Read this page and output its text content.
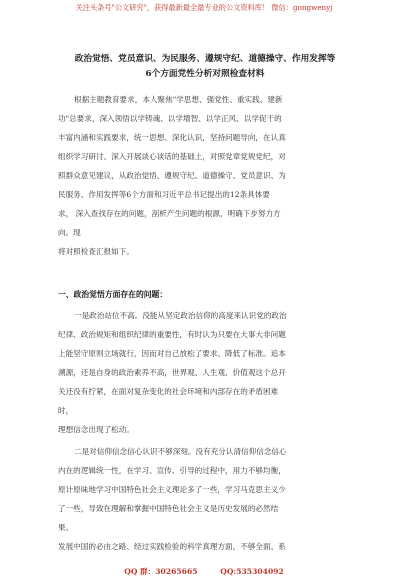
关注头条号"公文研究"，获得最新最全最专业的公文资料库！ 微信：gongwenyj
政治觉悟、党员意识、为民服务、遵规守纪、道德操守、作用发挥等
6个方面党性分析对照检查材料
根据主题教育要求，本人聚焦"学思想、强党性、重实践、建新
功"总要求，深入领悟以学铸魂、以学增智、以学正风、以学促干的
丰富内涵和实践要求，统一思想、深化认识，坚持问题导向，在认真
组织学习研讨、深入开展谈心谈话的基础上，对照党章党规党纪，对
照群众意见建议，从政治觉悟、遵规守纪、道德操守、党员意识、为
民服务、作用发挥等6个方面和习近平总书记提出的12条具体要
求， 深入查找存在的问题，剖析产生问题的根源，明确下步努力方
向。现
将对照检查汇报如下。
一、政治觉悟方面存在的问题：
一是政治站位不高。没能从坚定政治信仰的高度来认识党的政治
纪律、政治规矩和组织纪律的重要性，有时认为只要在大事大非问题
上能坚守原则立场就行，因而对自己放松了要求、降低了标准。追本
溯源，还是自身的政治素养不高，世界观、人生观、价值观这个总开
关还没有拧紧，在面对复杂变化的社会环境和内部存在的矛盾困难
时，
理想信念出现了松动。
二是对信仰信念信心认识不够深刻。没有充分认清信仰信念信心
内在的逻辑统一性，在学习、宣传、引导的过程中，用力不够均衡，
原计原味地学习中国特色社会主义理论多了一些，学习马克思主义少
了一些，导致在理解和掌握中国特色社会主义是历史发展的必然结
果、
发展中国的必由之路、经过实践检验的科学真理方面，不够全面、系
QQ 群：30265665	QQ:535304092
